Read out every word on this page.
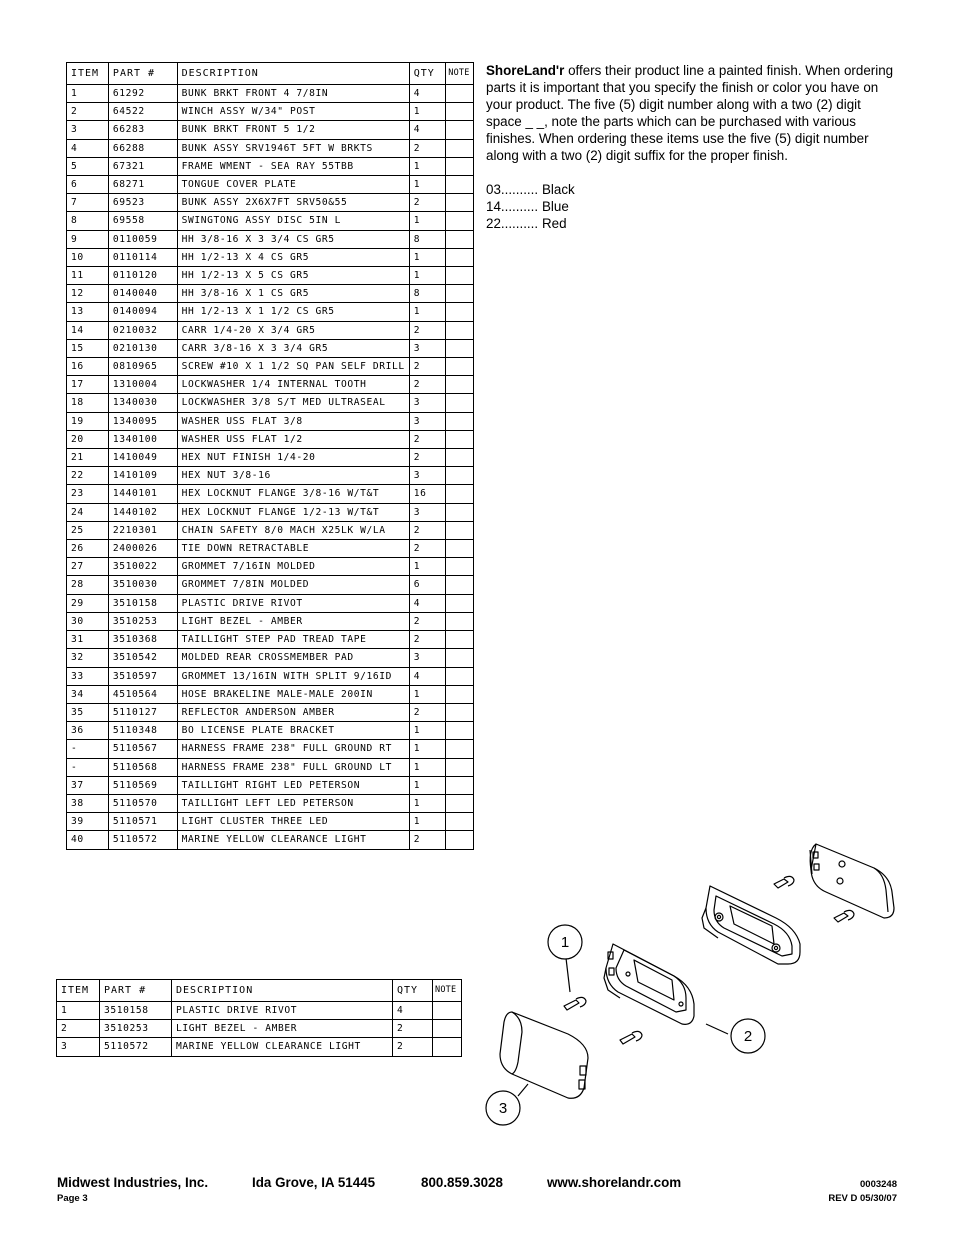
ITEM	PART #	DESCRIPTION	QTY	NOTE
1	61292	BUNK BRKT FRONT 4 7/8IN	4	
2	64522	WINCH ASSY W/34" POST	1	
3	66283	BUNK BRKT FRONT 5 1/2	4	
4	66288	BUNK ASSY SRV1946T 5FT W BRKTS	2	
5	67321	FRAME WMENT - SEA RAY 55TBB	1	
6	68271	TONGUE COVER PLATE	1	
7	69523	BUNK ASSY 2X6X7FT SRV50&55	2	
8	69558	SWINGTONG ASSY DISC 5IN L	1	
9	0110059	HH 3/8-16 X 3 3/4 CS GR5	8	
10	0110114	HH 1/2-13 X 4 CS GR5	1	
11	0110120	HH 1/2-13 X 5 CS GR5	1	
12	0140040	HH 3/8-16 X 1 CS GR5	8	
13	0140094	HH 1/2-13 X 1 1/2 CS GR5	1	
14	0210032	CARR 1/4-20 X 3/4 GR5	2	
15	0210130	CARR 3/8-16 X 3 3/4 GR5	3	
16	0810965	SCREW #10 X 1 1/2 SQ PAN SELF DRILL	2	
17	1310004	LOCKWASHER 1/4 INTERNAL TOOTH	2	
18	1340030	LOCKWASHER 3/8 S/T MED ULTRASEAL	3	
19	1340095	WASHER USS FLAT 3/8	3	
20	1340100	WASHER USS FLAT 1/2	2	
21	1410049	HEX NUT FINISH 1/4-20	2	
22	1410109	HEX NUT 3/8-16	3	
23	1440101	HEX LOCKNUT FLANGE 3/8-16 W/T&T	16	
24	1440102	HEX LOCKNUT FLANGE 1/2-13 W/T&T	3	
25	2210301	CHAIN SAFETY 8/0 MACH X25LK W/LA	2	
26	2400026	TIE DOWN RETRACTABLE	2	
27	3510022	GROMMET 7/16IN MOLDED	1	
28	3510030	GROMMET 7/8IN MOLDED	6	
29	3510158	PLASTIC DRIVE RIVOT	4	
30	3510253	LIGHT BEZEL - AMBER	2	
31	3510368	TAILLIGHT STEP PAD TREAD TAPE	2	
32	3510542	MOLDED REAR CROSSMEMBER PAD	3	
33	3510597	GROMMET 13/16IN WITH SPLIT 9/16ID	4	
34	4510564	HOSE BRAKELINE MALE-MALE 200IN	1	
35	5110127	REFLECTOR ANDERSON AMBER	2	
36	5110348	BO LICENSE PLATE BRACKET	1	
-	5110567	HARNESS FRAME 238" FULL GROUND RT	1	
-	5110568	HARNESS FRAME 238" FULL GROUND LT	1	
37	5110569	TAILLIGHT RIGHT LED PETERSON	1	
38	5110570	TAILLIGHT LEFT LED PETERSON	1	
39	5110571	LIGHT CLUSTER THREE LED	1	
40	5110572	MARINE YELLOW CLEARANCE LIGHT	2	

ShoreLand'r offers their product line a painted finish. When ordering parts it is important that you specify the finish or color you have on your product. The five (5) digit number along with a two (2) digit space _ _, note the parts which can be purchased with various finishes. When ordering these items use the five (5) digit number along with a two (2) digit suffix for the proper finish.

03.......... Black
14.......... Blue
22.......... Red
ITEM	PART #	DESCRIPTION	QTY	NOTE
1	3510158	PLASTIC DRIVE RIVOT	4	
2	3510253	LIGHT BEZEL - AMBER	2	
3	5110572	MARINE YELLOW CLEARANCE LIGHT	2	
1
2
3
Midwest Industries, Inc.	Ida Grove, IA 51445	800.859.3028	www.shorelandr.com
Page 3
0003248
REV D 05/30/07
